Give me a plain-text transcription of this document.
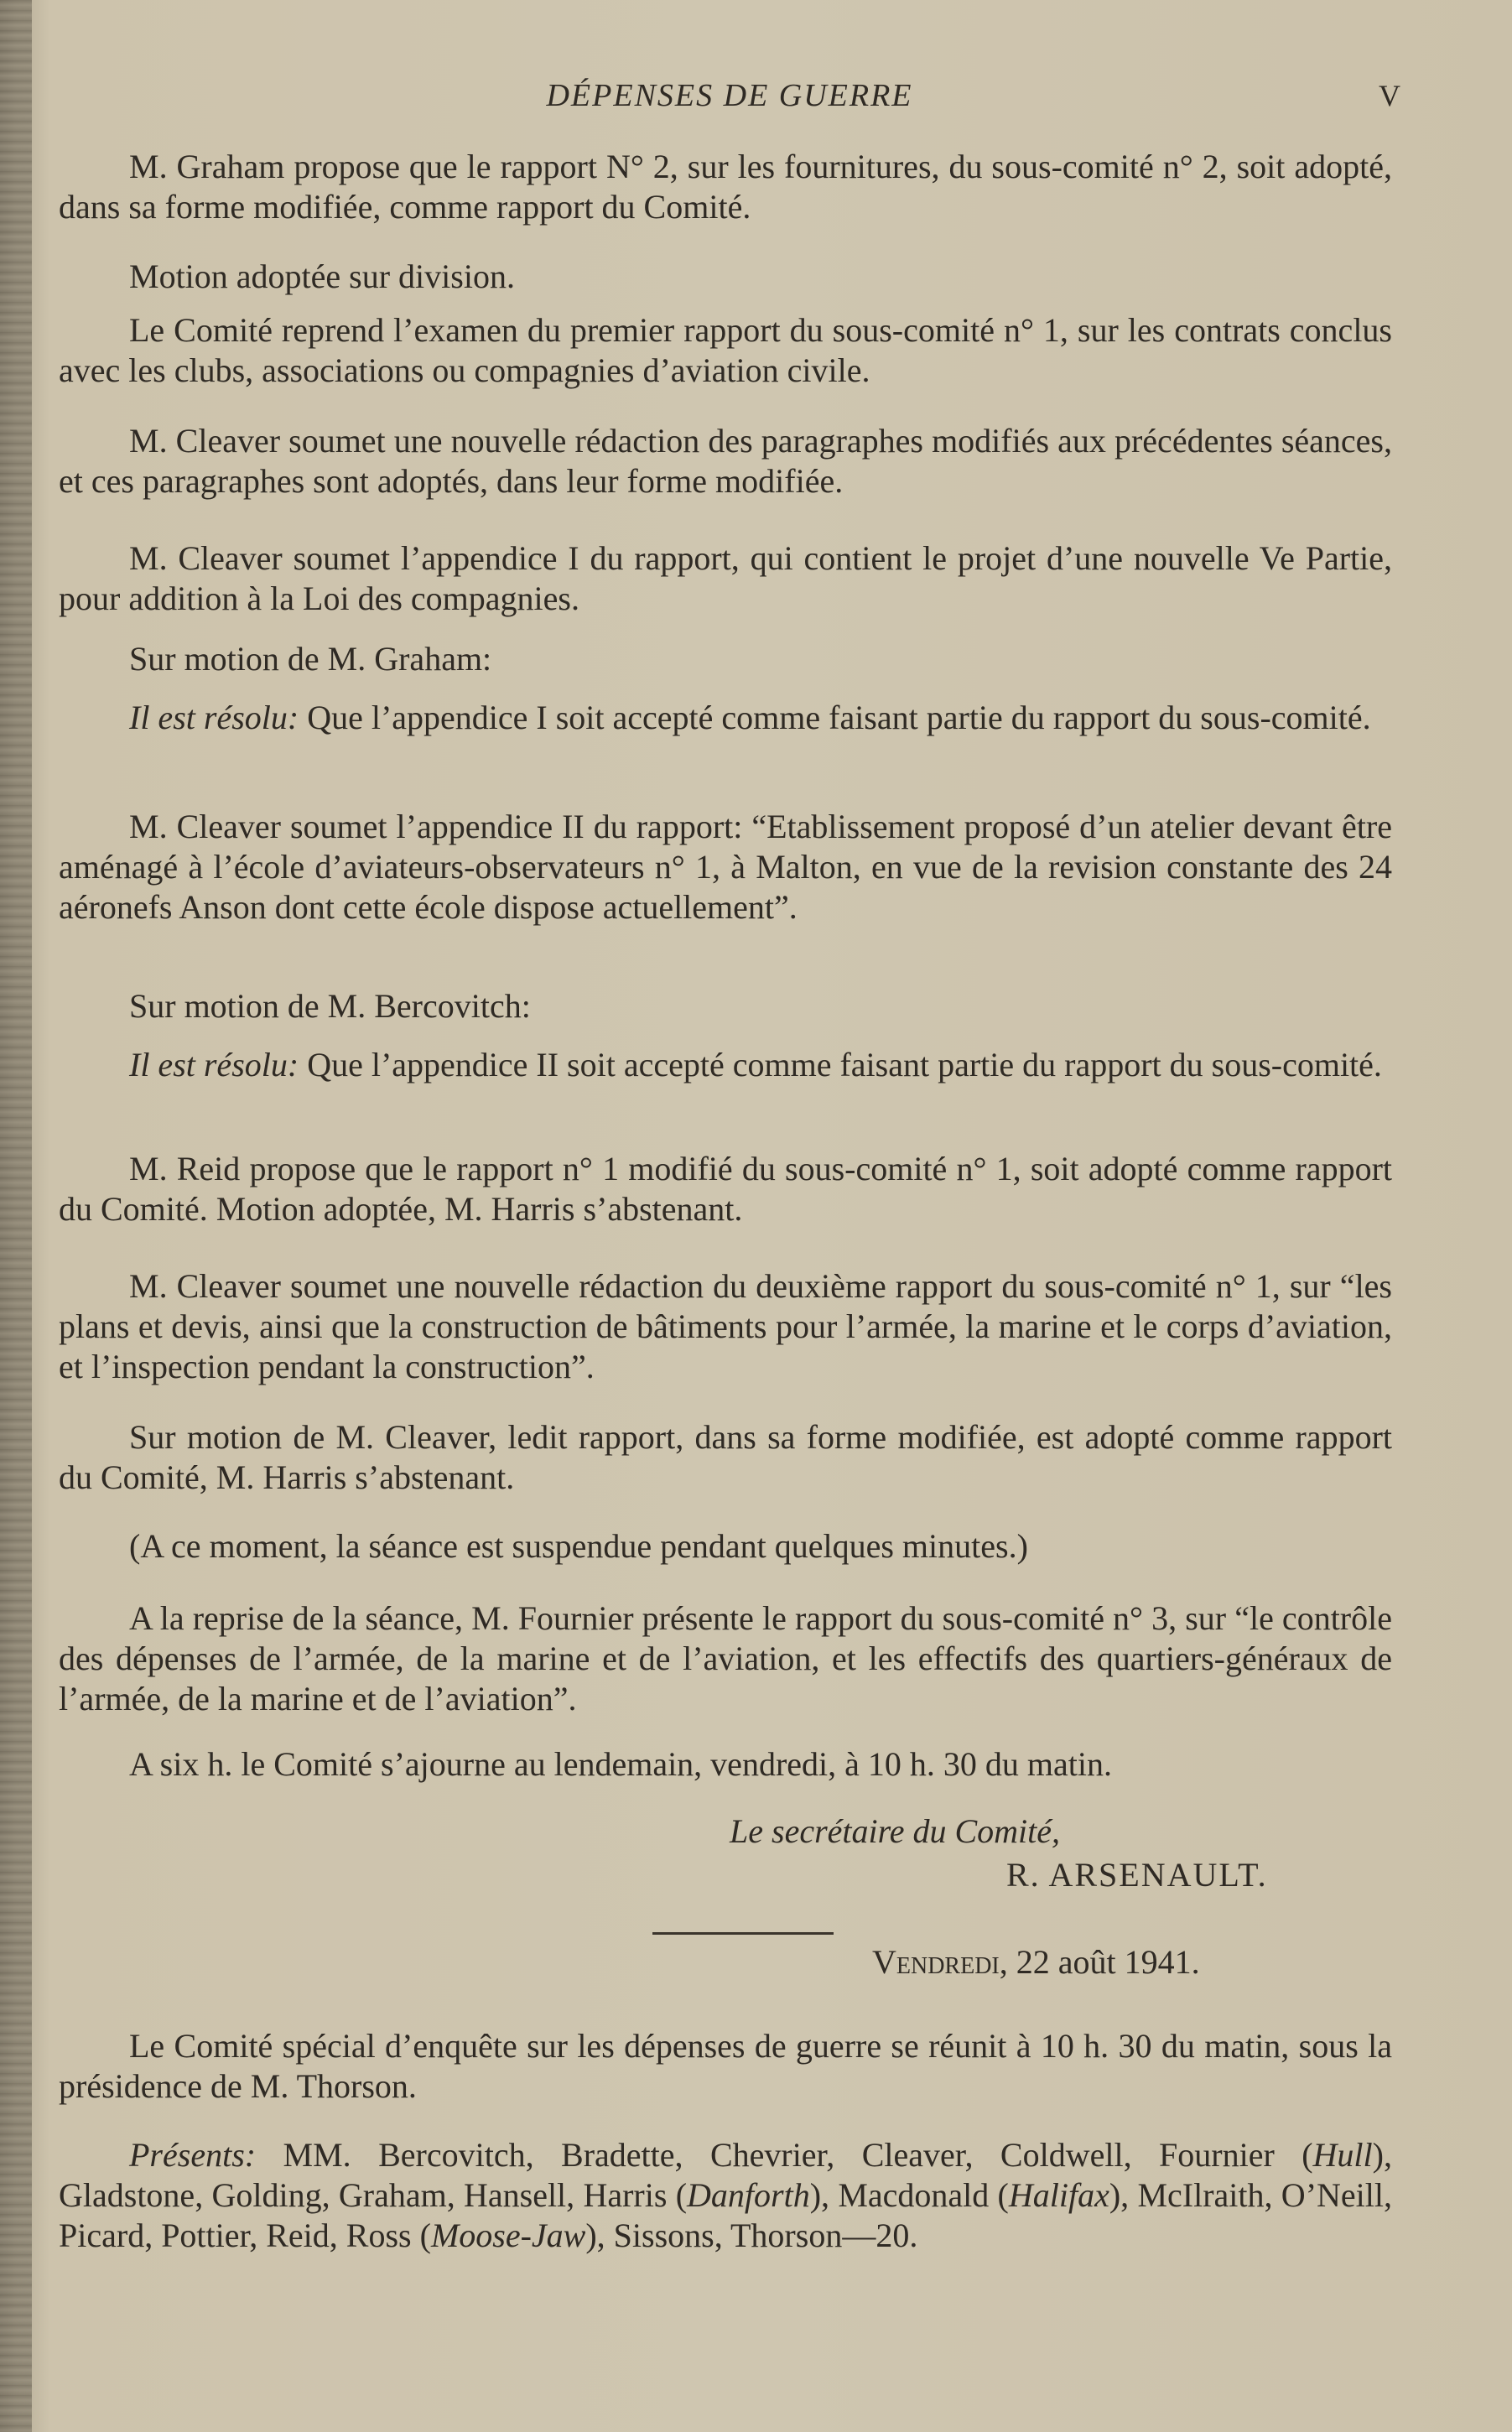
DÉPENSES DE GUERRE	V

M. Graham propose que le rapport N° 2, sur les fournitures, du sous-comité n° 2, soit adopté, dans sa forme modifiée, comme rapport du Comité.

Motion adoptée sur division.

Le Comité reprend l’examen du premier rapport du sous-comité n° 1, sur les contrats conclus avec les clubs, associations ou compagnies d’aviation civile.

M. Cleaver soumet une nouvelle rédaction des paragraphes modifiés aux précédentes séances, et ces paragraphes sont adoptés, dans leur forme modifiée.

M. Cleaver soumet l’appendice I du rapport, qui contient le projet d’une nouvelle Ve Partie, pour addition à la Loi des compagnies.

Sur motion de M. Graham:

Il est résolu: Que l’appendice I soit accepté comme faisant partie du rapport du sous-comité.

M. Cleaver soumet l’appendice II du rapport: “Etablissement proposé d’un atelier devant être aménagé à l’école d’aviateurs-observateurs n° 1, à Malton, en vue de la revision constante des 24 aéronefs Anson dont cette école dispose actuellement”.

Sur motion de M. Bercovitch:

Il est résolu: Que l’appendice II soit accepté comme faisant partie du rapport du sous-comité.

M. Reid propose que le rapport n° 1 modifié du sous-comité n° 1, soit adopté comme rapport du Comité. Motion adoptée, M. Harris s’abstenant.

M. Cleaver soumet une nouvelle rédaction du deuxième rapport du sous-comité n° 1, sur “les plans et devis, ainsi que la construction de bâtiments pour l’armée, la marine et le corps d’aviation, et l’inspection pendant la construction”.

Sur motion de M. Cleaver, ledit rapport, dans sa forme modifiée, est adopté comme rapport du Comité, M. Harris s’abstenant.

(A ce moment, la séance est suspendue pendant quelques minutes.)

A la reprise de la séance, M. Fournier présente le rapport du sous-comité n° 3, sur “le contrôle des dépenses de l’armée, de la marine et de l’aviation, et les effectifs des quartiers-généraux de l’armée, de la marine et de l’aviation”.

A six h. le Comité s’ajourne au lendemain, vendredi, à 10 h. 30 du matin.

Le secrétaire du Comité,
R. ARSENAULT.
Vendredi, 22 août 1941.

Le Comité spécial d’enquête sur les dépenses de guerre se réunit à 10 h. 30 du matin, sous la présidence de M. Thorson.

Présents: MM. Bercovitch, Bradette, Chevrier, Cleaver, Coldwell, Fournier (Hull), Gladstone, Golding, Graham, Hansell, Harris (Danforth), Macdonald (Halifax), McIlraith, O’Neill, Picard, Pottier, Reid, Ross (Moose-Jaw), Sissons, Thorson—20.
